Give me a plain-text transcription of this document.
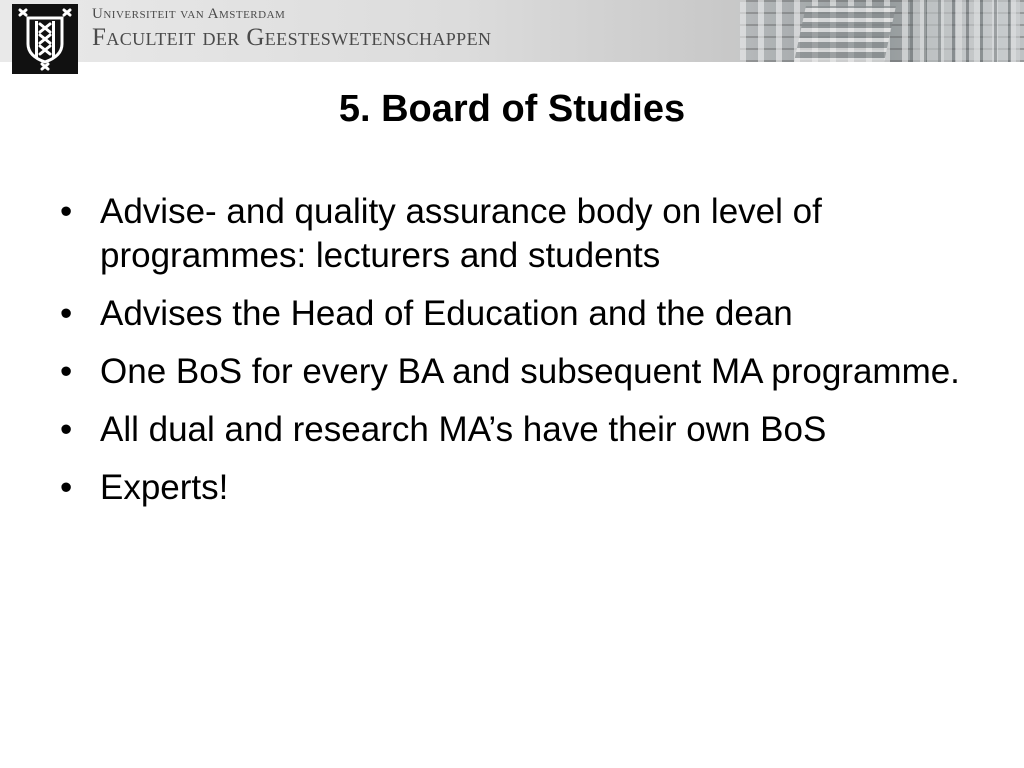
Universiteit van Amsterdam
Faculteit der Geesteswetenschappen
5. Board of Studies
• Advise- and quality assurance body on level of programmes: lecturers and students
• Advises the Head of Education and the dean
• One BoS for every BA and subsequent MA programme.
• All dual and research MA’s have their own BoS
• Experts!
